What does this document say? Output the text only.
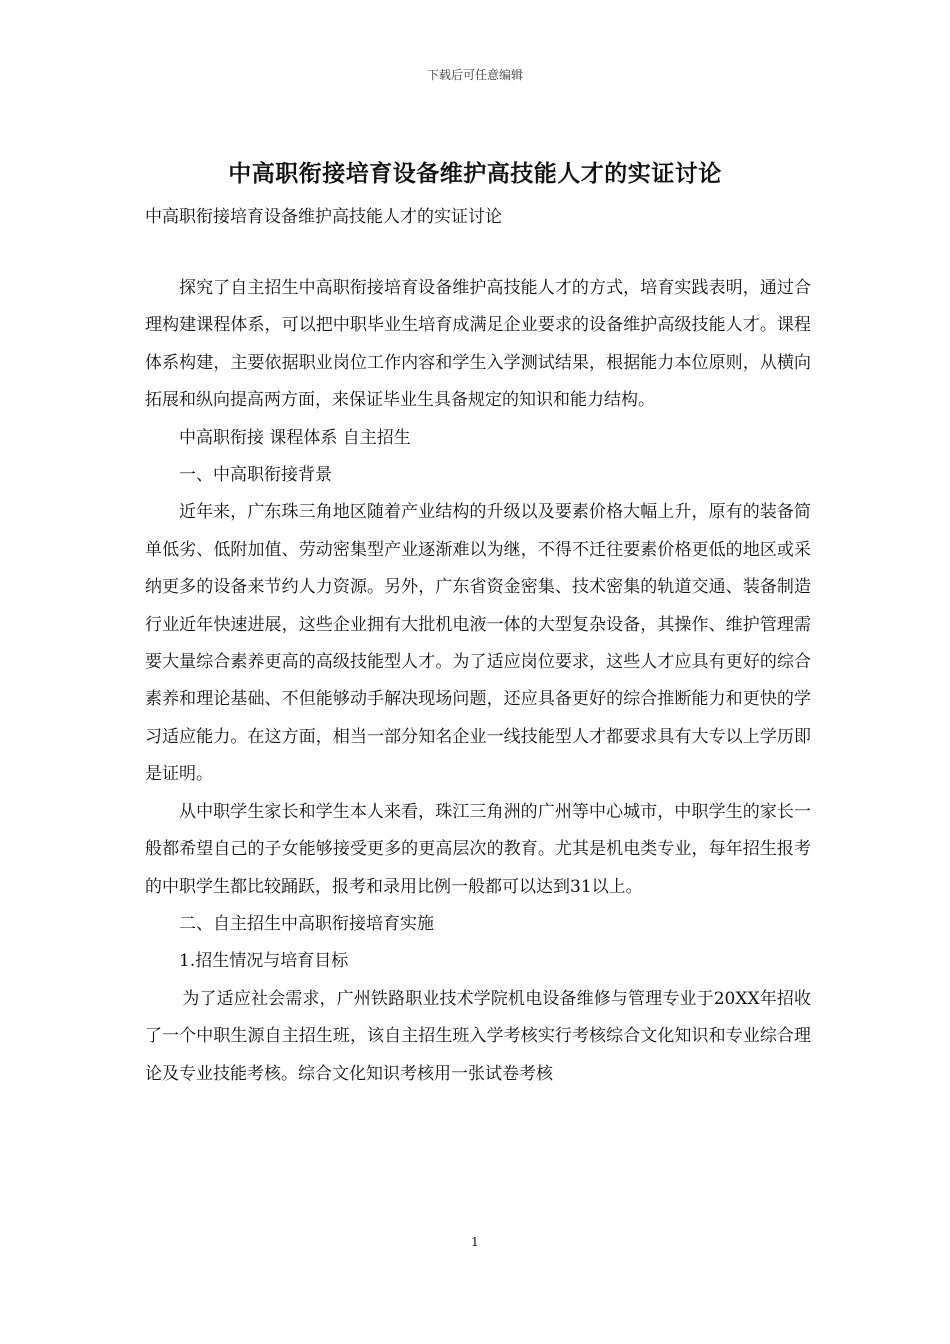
下载后可任意编辑
中高职衔接培育设备维护高技能人才的实证讨论
中高职衔接培育设备维护高技能人才的实证讨论

探究了自主招生中高职衔接培育设备维护高技能人才的方式，培育实践表明，通过合理构建课程体系，可以把中职毕业生培育成满足企业要求的设备维护高级技能人才。课程体系构建，主要依据职业岗位工作内容和学生入学测试结果，根据能力本位原则，从横向拓展和纵向提高两方面，来保证毕业生具备规定的知识和能力结构。

中高职衔接 课程体系 自主招生

一、中高职衔接背景

近年来，广东珠三角地区随着产业结构的升级以及要素价格大幅上升，原有的装备简单低劣、低附加值、劳动密集型产业逐渐难以为继，不得不迁往要素价格更低的地区或采纳更多的设备来节约人力资源。另外，广东省资金密集、技术密集的轨道交通、装备制造行业近年快速进展，这些企业拥有大批机电液一体的大型复杂设备，其操作、维护管理需要大量综合素养更高的高级技能型人才。为了适应岗位要求，这些人才应具有更好的综合素养和理论基础、不但能够动手解决现场问题，还应具备更好的综合推断能力和更快的学习适应能力。在这方面，相当一部分知名企业一线技能型人才都要求具有大专以上学历即是证明。

从中职学生家长和学生本人来看，珠江三角洲的广州等中心城市，中职学生的家长一般都希望自己的子女能够接受更多的更高层次的教育。尤其是机电类专业，每年招生报考的中职学生都比较踊跃，报考和录用比例一般都可以达到31以上。

二、自主招生中高职衔接培育实施

1.招生情况与培育目标

为了适应社会需求，广州铁路职业技术学院机电设备维修与管理专业于20XX年招收了一个中职生源自主招生班，该自主招生班入学考核实行考核综合文化知识和专业综合理论及专业技能考核。综合文化知识考核用一张试卷考核

1
